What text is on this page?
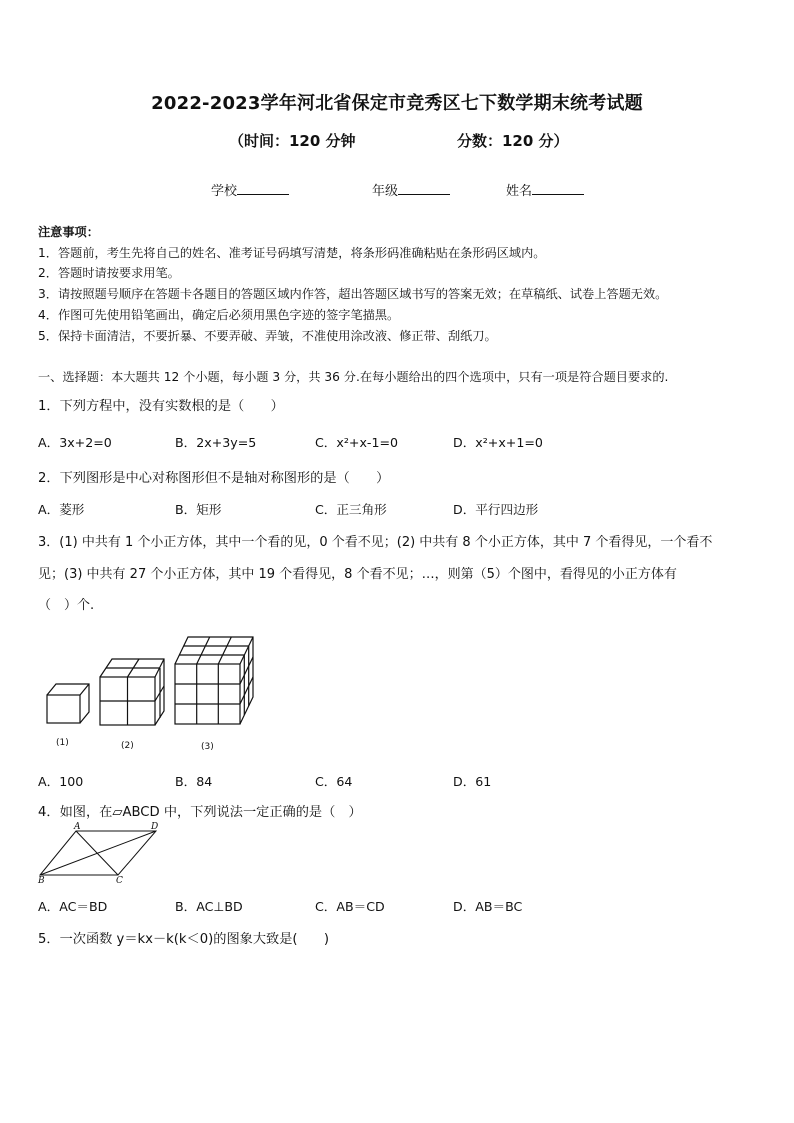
2022-2023学年河北省保定市竞秀区七下数学期末统考试题
（时间：120 分钟	分数：120 分）
学校	年级	姓名
注意事项：
1．答题前，考生先将自己的姓名、准考证号码填写清楚，将条形码准确粘贴在条形码区域内。
2．答题时请按要求用笔。
3．请按照题号顺序在答题卡各题目的答题区域内作答，超出答题区域书写的答案无效；在草稿纸、试卷上答题无效。
4．作图可先使用铅笔画出，确定后必须用黑色字迹的签字笔描黑。
5．保持卡面清洁，不要折暴、不要弄破、弄皱，不准使用涂改液、修正带、刮纸刀。
一、选择题：本大题共 12 个小题，每小题 3 分，共 36 分.在每小题给出的四个选项中，只有一项是符合题目要求的.
1．下列方程中，没有实数根的是（　　）
A．3x+2=0	B．2x+3y=5	C．x²+x-1=0	D．x²+x+1=0
2．下列图形是中心对称图形但不是轴对称图形的是（　　）
A．菱形	B．矩形	C．正三角形	D．平行四边形
3．(1) 中共有 1 个小正方体，其中一个看的见，0 个看不见；(2) 中共有 8 个小正方体，其中 7 个看得见，一个看不
见；(3) 中共有 27 个小正方体，其中 19 个看得见，8 个看不见；…，则第（5）个图中，看得见的小正方体有
（　）个.
(1)	(2)	(3)
A．100	B．84	C．64	D．61
4．如图，在▱ABCD 中，下列说法一定正确的是（　）
A	D
B	C
A．AC＝BD	B．AC⊥BD	C．AB＝CD	D．AB＝BC
5．一次函数 y＝kx－k(k＜0)的图象大致是(　　)
